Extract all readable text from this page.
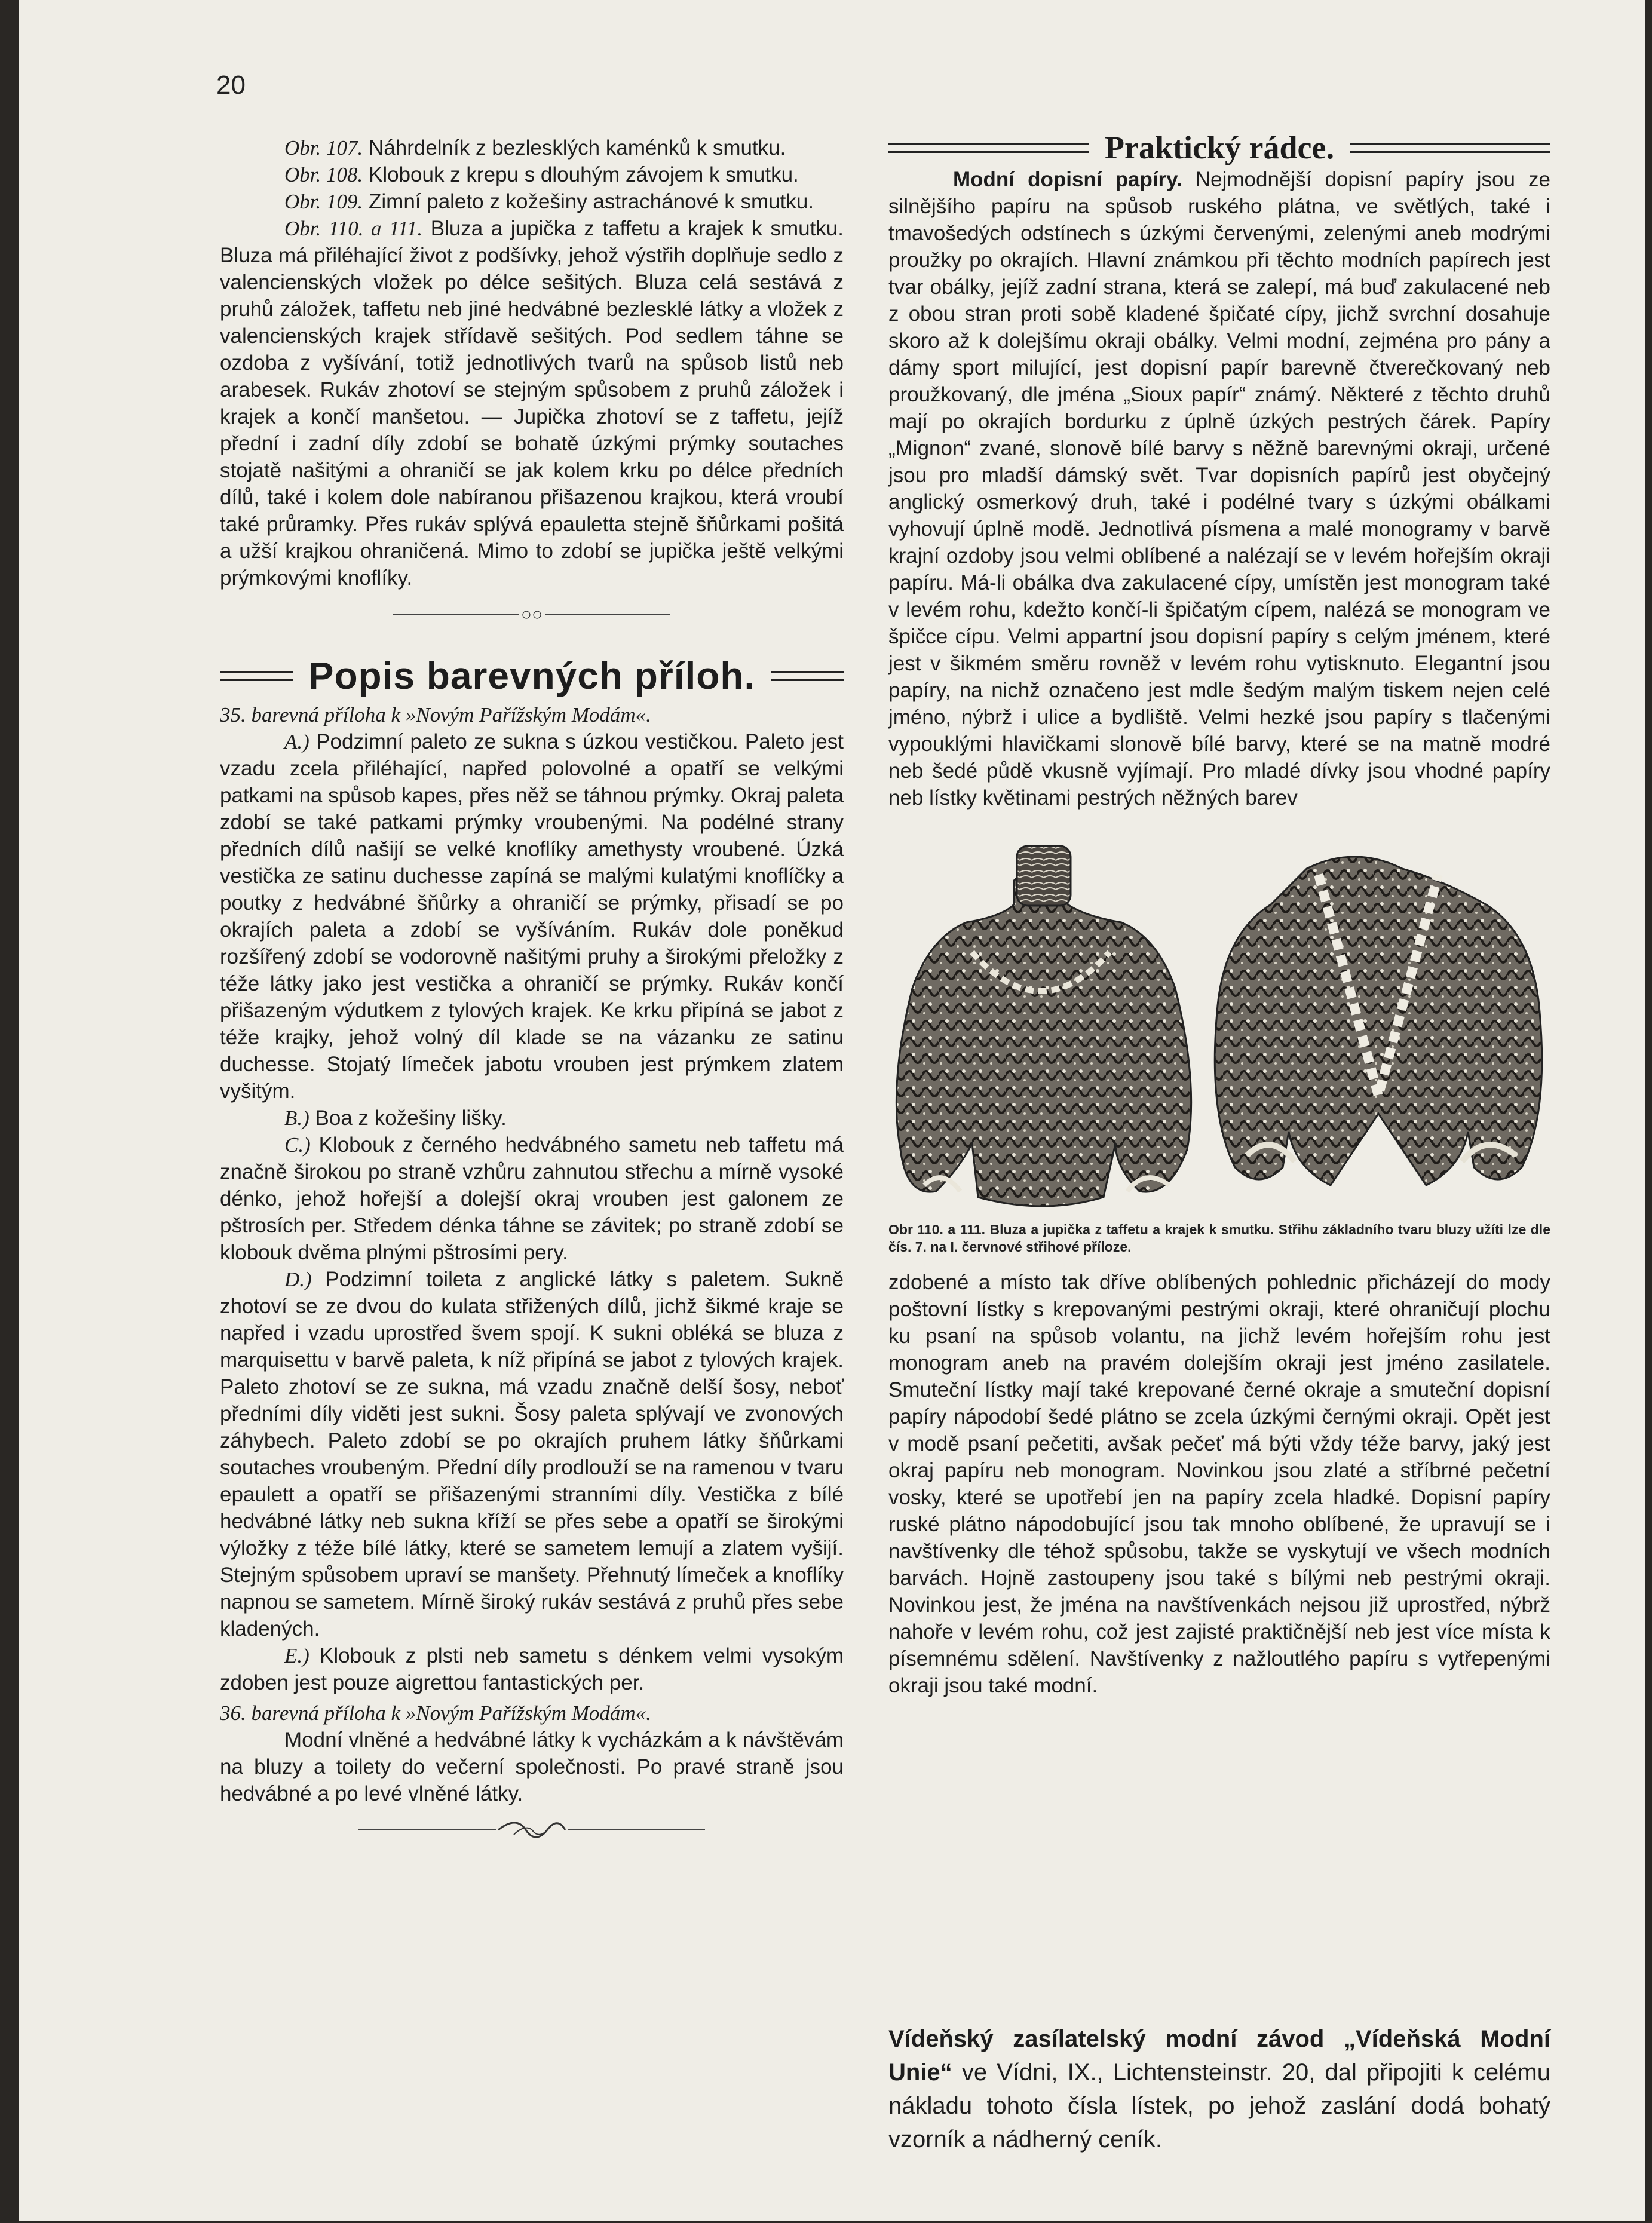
20

Obr. 107. Náhrdelník z bezlesklých kaménků k smutku.

Obr. 108. Klobouk z krepu s dlouhým závojem k smutku.

Obr. 109. Zimní paleto z kožešiny astrachánové k smutku.

Obr. 110. a 111. Bluza a jupička z taffetu a krajek k smutku. Bluza má přiléhající život z podšívky, jehož výstřih doplňuje sedlo z valencienských vložek po délce sešitých. Bluza celá sestává z pruhů záložek, taffetu neb jiné hedvábné bezlesklé látky a vložek z valencienských krajek střídavě sešitých. Pod sedlem táhne se ozdoba z vyšívání, totiž jednotlivých tvarů na spůsob listů neb arabesek. Rukáv zhotoví se stejným spůsobem z pruhů záložek i krajek a končí manšetou. — Jupička zhotoví se z taffetu, jejíž přední i zadní díly zdobí se bohatě úzkými prýmky soutaches stojatě našitými a ohraničí se jak kolem krku po délce předních dílů, také i kolem dole nabíranou přišazenou krajkou, která vroubí také průramky. Přes rukáv splývá epauletta stejně šňůrkami pošitá a užší krajkou ohraničená. Mimo to zdobí se jupička ještě velkými prýmkovými knoflíky.

○○
Popis barevných příloh.

35. barevná příloha k »Novým Pařížským Modám«.

A.) Podzimní paleto ze sukna s úzkou vestičkou. Paleto jest vzadu zcela přiléhající, napřed polovolné a opatří se velkými patkami na spůsob kapes, přes něž se táhnou prýmky. Okraj paleta zdobí se také patkami prýmky vroubenými. Na podélné strany předních dílů našijí se velké knoflíky amethysty vroubené. Úzká vestička ze satinu duchesse zapíná se malými kulatými knoflíčky a poutky z hedvábné šňůrky a ohraničí se prýmky, přisadí se po okrajích paleta a zdobí se vyšíváním. Rukáv dole poněkud rozšířený zdobí se vodorovně našitými pruhy a širokými přeložky z téže látky jako jest vestička a ohraničí se prýmky. Rukáv končí přišazeným výdutkem z tylových krajek. Ke krku připíná se jabot z téže krajky, jehož volný díl klade se na vázanku ze satinu duchesse. Stojatý límeček jabotu vrouben jest prýmkem zlatem vyšitým.

B.) Boa z kožešiny lišky.

C.) Klobouk z černého hedvábného sametu neb taffetu má značně širokou po straně vzhůru zahnutou střechu a mírně vysoké dénko, jehož hořejší a dolejší okraj vrouben jest galonem ze pštrosích per. Středem dénka táhne se závitek; po straně zdobí se klobouk dvěma plnými pštrosími pery.

D.) Podzimní toileta z anglické látky s paletem. Sukně zhotoví se ze dvou do kulata střižených dílů, jichž šikmé kraje se napřed i vzadu uprostřed švem spojí. K sukni obléká se bluza z marquisettu v barvě paleta, k níž připíná se jabot z tylových krajek. Paleto zhotoví se ze sukna, má vzadu značně delší šosy, neboť předními díly viděti jest sukni. Šosy paleta splývají ve zvonových záhybech. Paleto zdobí se po okrajích pruhem látky šňůrkami soutaches vroubeným. Přední díly prodlouží se na ramenou v tvaru epaulett a opatří se přišazenými stranními díly. Vestička z bílé hedvábné látky neb sukna kříží se přes sebe a opatří se širokými výložky z téže bílé látky, které se sametem lemují a zlatem vyšijí. Stejným spůsobem upraví se manšety. Přehnutý límeček a knoflíky napnou se sametem. Mírně široký rukáv sestává z pruhů přes sebe kladených.

E.) Klobouk z plsti neb sametu s dénkem velmi vysokým zdoben jest pouze aigrettou fantastických per.

36. barevná příloha k »Novým Pařížským Modám«.

Modní vlněné a hedvábné látky k vycházkám a k návštěvám na bluzy a toilety do večerní společnosti. Po pravé straně jsou hedvábné a po levé vlněné látky.

Praktický rádce.

Modní dopisní papíry. Nejmodnější dopisní papíry jsou ze silnějšího papíru na spůsob ruského plátna, ve světlých, také i tmavošedých odstínech s úzkými červenými, zelenými aneb modrými proužky po okrajích. Hlavní známkou při těchto modních papírech jest tvar obálky, jejíž zadní strana, která se zalepí, má buď zakulacené neb z obou stran proti sobě kladené špičaté cípy, jichž svrchní dosahuje skoro až k dolejšímu okraji obálky. Velmi modní, zejména pro pány a dámy sport milující, jest dopisní papír barevně čtverečkovaný neb proužkovaný, dle jména „Sioux papír“ známý. Některé z těchto druhů mají po okrajích bordurku z úplně úzkých pestrých čárek. Papíry „Mignon“ zvané, slonově bílé barvy s něžně barevnými okraji, určené jsou pro mladší dámský svět. Tvar dopisních papírů jest obyčejný anglický osmerkový druh, také i podélné tvary s úzkými obálkami vyhovují úplně modě. Jednotlivá písmena a malé monogramy v barvě krajní ozdoby jsou velmi oblíbené a nalézají se v levém hořejším okraji papíru. Má-li obálka dva zakulacené cípy, umístěn jest monogram také v levém rohu, kdežto končí-li špičatým cípem, nalézá se monogram ve špičce cípu. Velmi appartní jsou dopisní papíry s celým jménem, které jest v šikmém směru rovněž v levém rohu vytisknuto. Elegantní jsou papíry, na nichž označeno jest mdle šedým malým tiskem nejen celé jméno, nýbrž i ulice a bydliště. Velmi hezké jsou papíry s tlačenými vypouklými hlavičkami slonově bílé barvy, které se na matně modré neb šedé půdě vkusně vyjímají. Pro mladé dívky jsou vhodné papíry neb lístky květinami pestrých něžných barev

Obr 110. a 111. Bluza a jupička z taffetu a krajek k smutku. Střihu základního tvaru bluzy užíti lze dle čís. 7. na I. červnové střihové příloze.

zdobené a místo tak dříve oblíbených pohlednic přicházejí do mody poštovní lístky s krepovanými pestrými okraji, které ohraničují plochu ku psaní na spůsob volantu, na jichž levém hořejším rohu jest monogram aneb na pravém dolejším okraji jest jméno zasilatele. Smuteční lístky mají také krepované černé okraje a smuteční dopisní papíry nápodobí šedé plátno se zcela úzkými černými okraji. Opět jest v modě psaní pečetiti, avšak pečeť má býti vždy téže barvy, jaký jest okraj papíru neb monogram. Novinkou jsou zlaté a stříbrné pečetní vosky, které se upotřebí jen na papíry zcela hladké. Dopisní papíry ruské plátno nápodobující jsou tak mnoho oblíbené, že upravují se i navštívenky dle téhož spůsobu, takže se vyskytují ve všech modních barvách. Hojně zastoupeny jsou také s bílými neb pestrými okraji. Novinkou jest, že jména na navštívenkách nejsou již uprostřed, nýbrž nahoře v levém rohu, což jest zajisté praktičnější neb jest více místa k písemnému sdělení. Navštívenky z nažloutlého papíru s vytřepenými okraji jsou také modní.

Vídeňský zasílatelský modní závod „Vídeňská Modní Unie“ ve Vídni, IX., Lichtensteinstr. 20, dal připojiti k celému nákladu tohoto čísla lístek, po jehož zaslání dodá bohatý vzorník a nádherný ceník.
